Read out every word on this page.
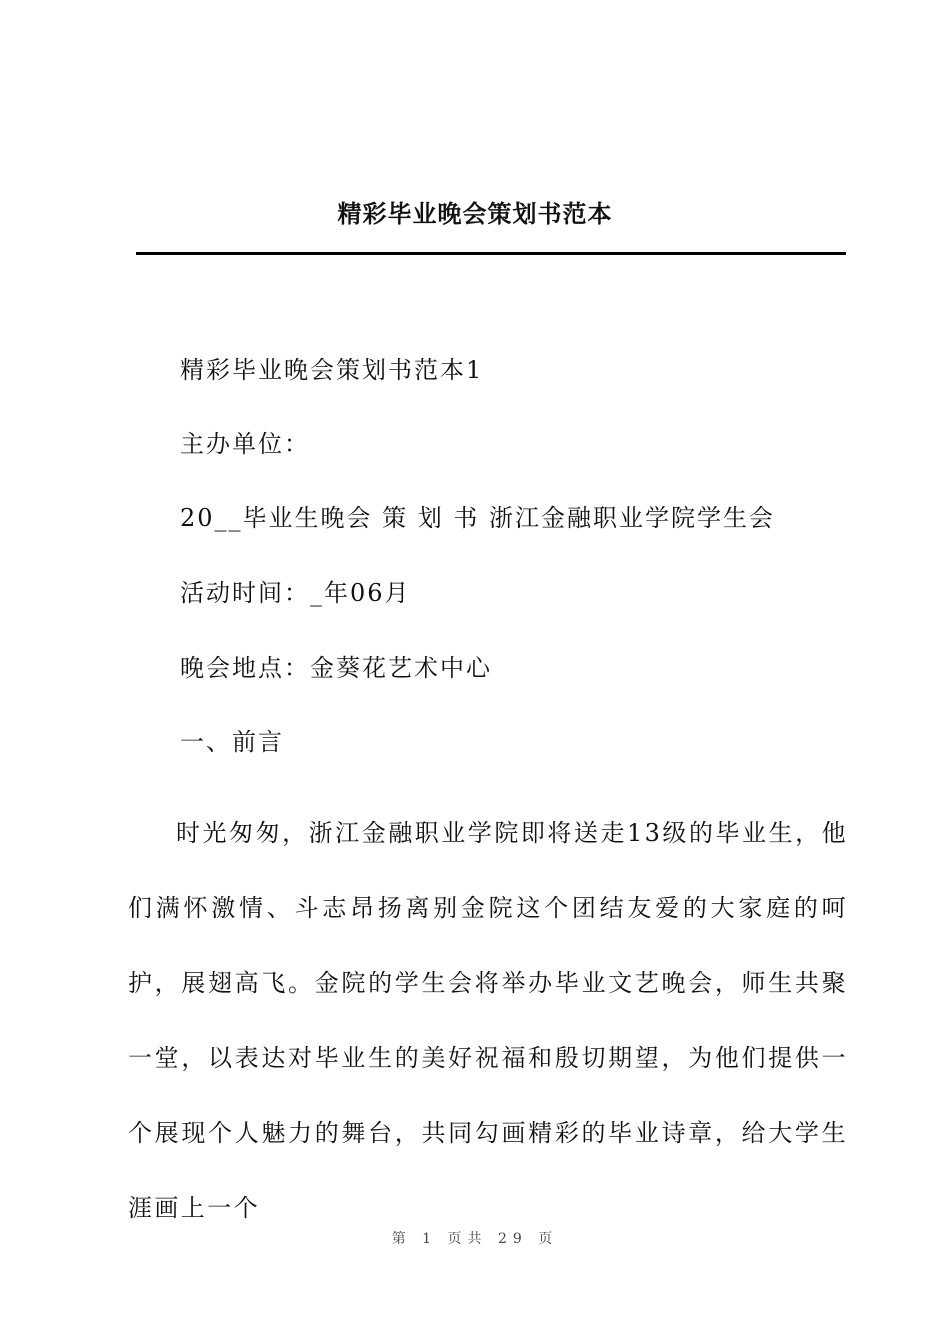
精彩毕业晚会策划书范本

精彩毕业晚会策划书范本1

主办单位：

20__毕业生晚会 策 划 书 浙江金融职业学院学生会

活动时间：_年06月

晚会地点：金葵花艺术中心

一、前言

时光匆匆，浙江金融职业学院即将送走13级的毕业生，他们满怀激情、斗志昂扬离别金院这个团结友爱的大家庭的呵护，展翅高飞。金院的学生会将举办毕业文艺晚会，师生共聚一堂，以表达对毕业生的美好祝福和殷切期望，为他们提供一个展现个人魅力的舞台，共同勾画精彩的毕业诗章，给大学生涯画上一个

第 1 页共 29 页
